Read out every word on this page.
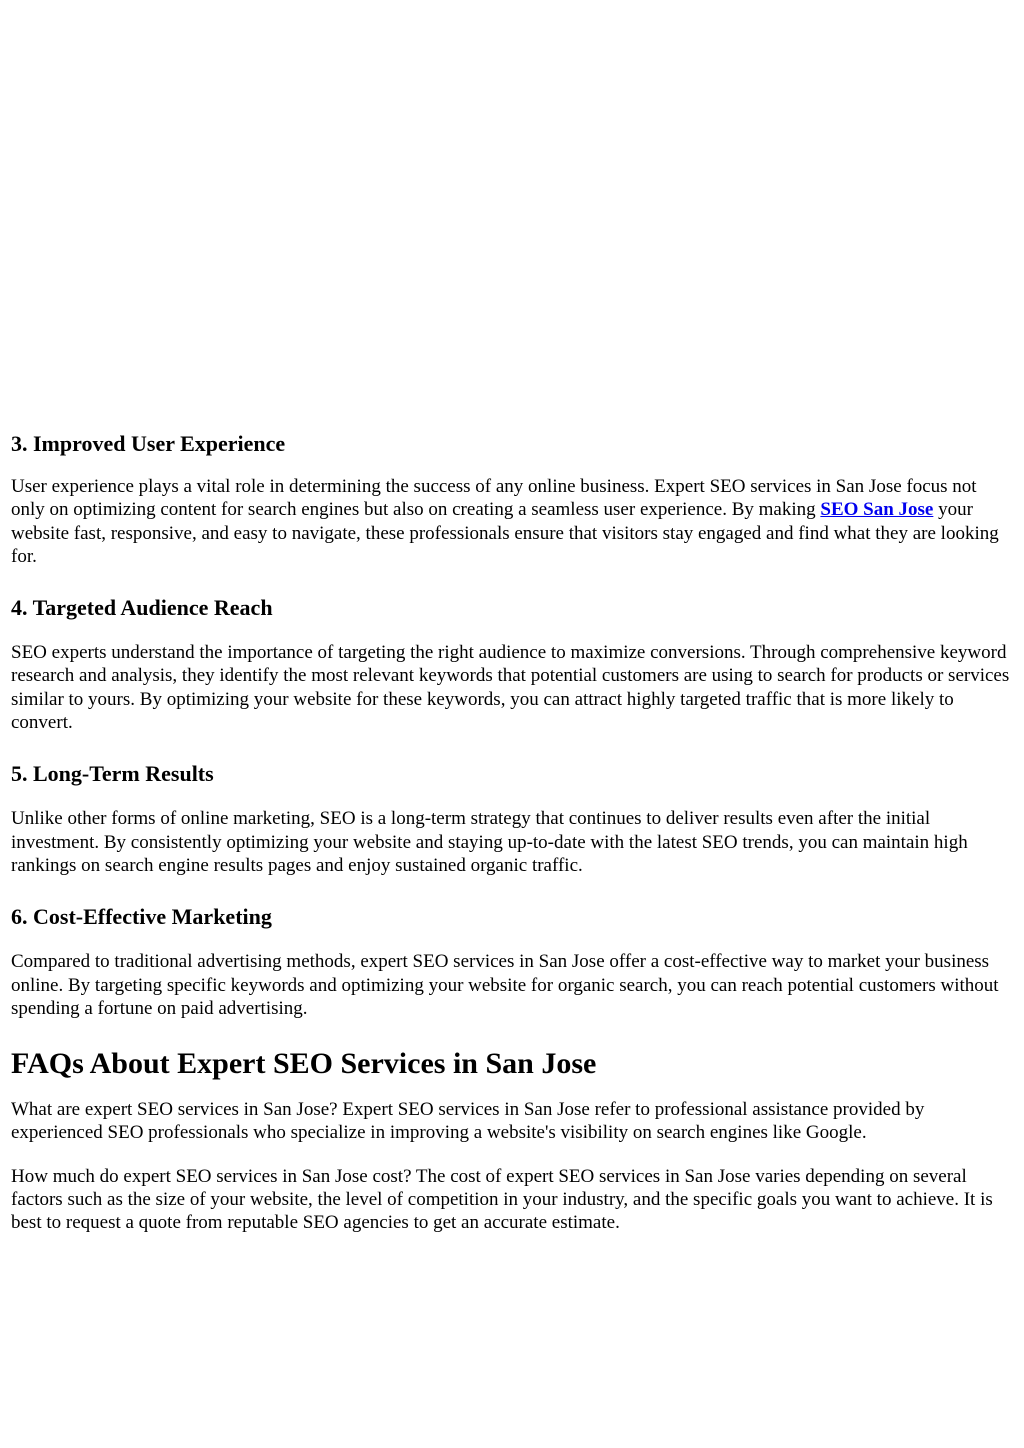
3. Improved User Experience

User experience plays a vital role in determining the success of any online business. Expert SEO services in San Jose focus not only on optimizing content for search engines but also on creating a seamless user experience. By making SEO San Jose your website fast, responsive, and easy to navigate, these professionals ensure that visitors stay engaged and find what they are looking for.

4. Targeted Audience Reach

SEO experts understand the importance of targeting the right audience to maximize conversions. Through comprehensive keyword research and analysis, they identify the most relevant keywords that potential customers are using to search for products or services similar to yours. By optimizing your website for these keywords, you can attract highly targeted traffic that is more likely to convert.

5. Long-Term Results

Unlike other forms of online marketing, SEO is a long-term strategy that continues to deliver results even after the initial investment. By consistently optimizing your website and staying up-to-date with the latest SEO trends, you can maintain high rankings on search engine results pages and enjoy sustained organic traffic.

6. Cost-Effective Marketing

Compared to traditional advertising methods, expert SEO services in San Jose offer a cost-effective way to market your business online. By targeting specific keywords and optimizing your website for organic search, you can reach potential customers without spending a fortune on paid advertising.

FAQs About Expert SEO Services in San Jose

What are expert SEO services in San Jose? Expert SEO services in San Jose refer to professional assistance provided by experienced SEO professionals who specialize in improving a website's visibility on search engines like Google.

How much do expert SEO services in San Jose cost? The cost of expert SEO services in San Jose varies depending on several factors such as the size of your website, the level of competition in your industry, and the specific goals you want to achieve. It is best to request a quote from reputable SEO agencies to get an accurate estimate.
